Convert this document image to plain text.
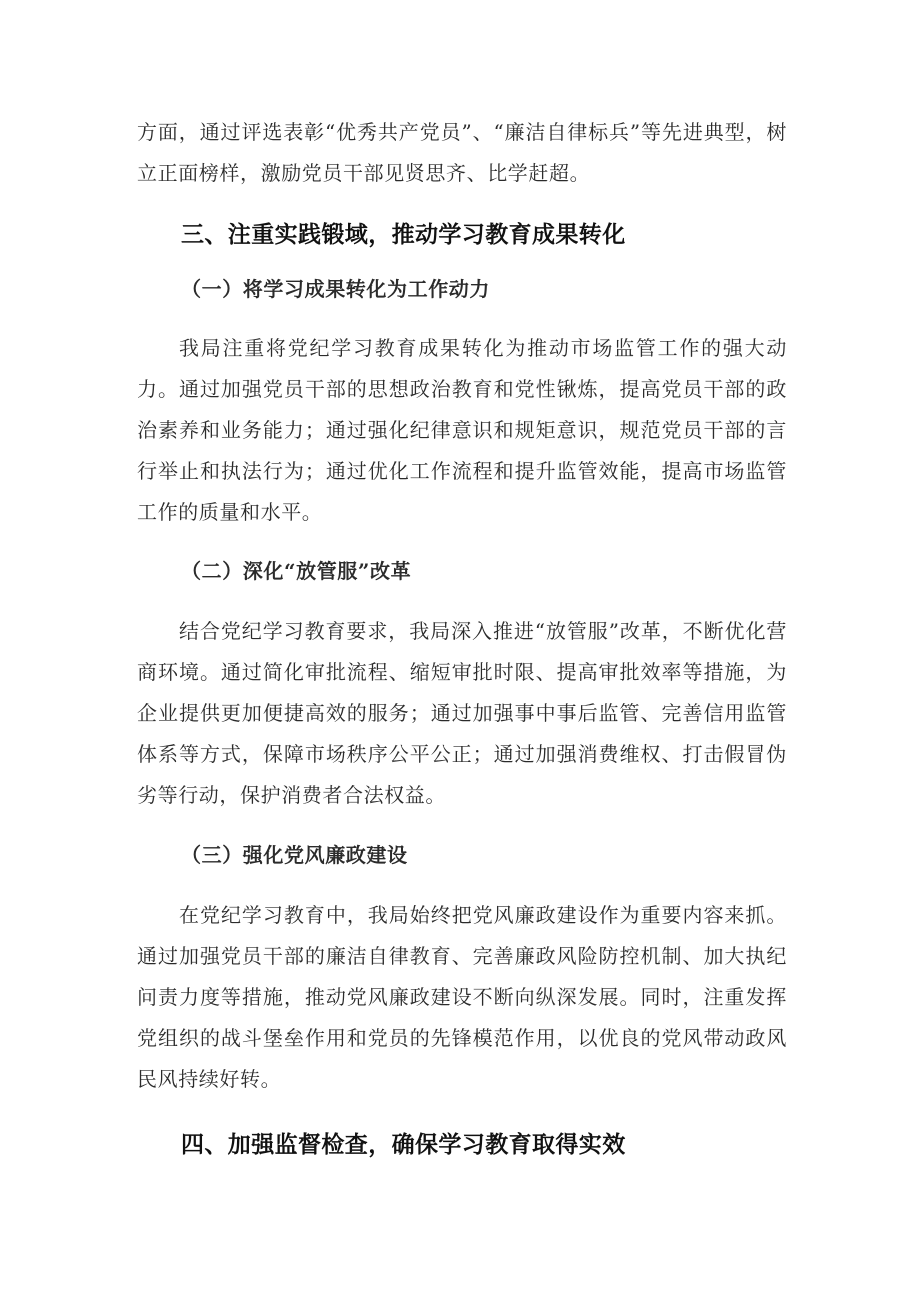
方面，通过评选表彰“优秀共产党员”、“廉洁自律标兵”等先进典型，树立正面榜样，激励党员干部见贤思齐、比学赶超。

三、注重实践锻域，推动学习教育成果转化
（一）将学习成果转化为工作动力

我局注重将党纪学习教育成果转化为推动市场监管工作的强大动力。通过加强党员干部的思想政治教育和党性锹炼，提高党员干部的政治素养和业务能力；通过强化纪律意识和规矩意识，规范党员干部的言行举止和执法行为；通过优化工作流程和提升监管效能，提高市场监管工作的质量和水平。

（二）深化“放管服”改革

结合党纪学习教育要求，我局深入推进“放管服”改革，不断优化营商环境。通过简化审批流程、缩短审批时限、提高审批效率等措施，为企业提供更加便捷高效的服务；通过加强事中事后监管、完善信用监管体系等方式，保障市场秩序公平公正；通过加强消费维权、打击假冒伪劣等行动，保护消费者合法权益。

（三）强化党风廉政建设

在党纪学习教育中，我局始终把党风廉政建设作为重要内容来抓。通过加强党员干部的廉洁自律教育、完善廉政风险防控机制、加大执纪问责力度等措施，推动党风廉政建设不断向纵深发展。同时，注重发挥党组织的战斗堡垒作用和党员的先锋模范作用，以优良的党风带动政风民风持续好转。

四、加强监督检查，确保学习教育取得实效
